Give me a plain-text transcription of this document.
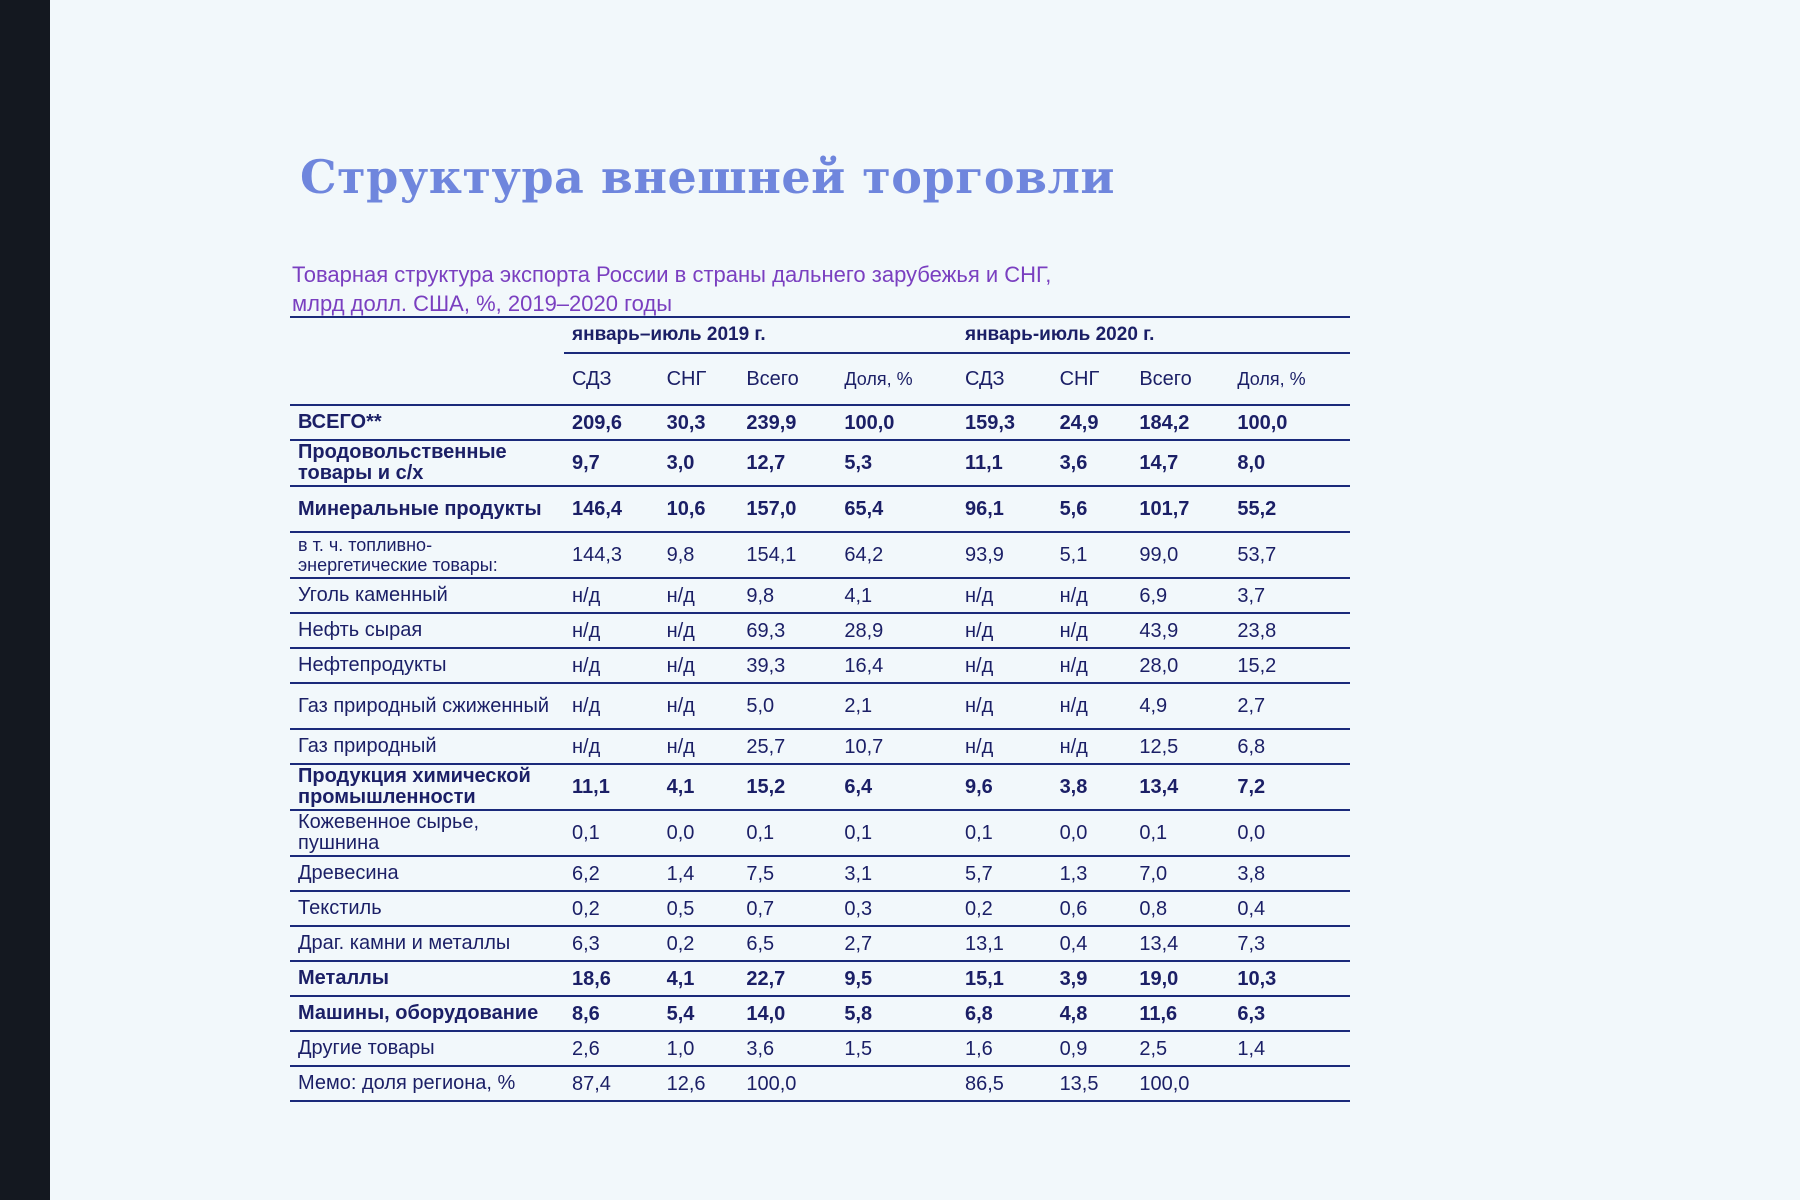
Структура внешней торговли
Товарная структура экспорта России в страны дальнего зарубежья и СНГ,
млрд долл. США, %, 2019–2020 годы
	январь–июль 2019 г.				январь-июль 2020 г.			
	СДЗ	СНГ	Всего	Доля, %	СДЗ	СНГ	Всего	Доля, %
ВСЕГО**	209,6	30,3	239,9	100,0	159,3	24,9	184,2	100,0
Продовольственные товары и с/х	9,7	3,0	12,7	5,3	11,1	3,6	14,7	8,0
Минеральные продукты	146,4	10,6	157,0	65,4	96,1	5,6	101,7	55,2
в т. ч. топливно-энергетические товары:	144,3	9,8	154,1	64,2	93,9	5,1	99,0	53,7
Уголь каменный	н/д	н/д	9,8	4,1	н/д	н/д	6,9	3,7
Нефть сырая	н/д	н/д	69,3	28,9	н/д	н/д	43,9	23,8
Нефтепродукты	н/д	н/д	39,3	16,4	н/д	н/д	28,0	15,2
Газ природный сжиженный	н/д	н/д	5,0	2,1	н/д	н/д	4,9	2,7
Газ природный	н/д	н/д	25,7	10,7	н/д	н/д	12,5	6,8
Продукция химической промышленности	11,1	4,1	15,2	6,4	9,6	3,8	13,4	7,2
Кожевенное сырье, пушнина	0,1	0,0	0,1	0,1	0,1	0,0	0,1	0,0
Древесина	6,2	1,4	7,5	3,1	5,7	1,3	7,0	3,8
Текстиль	0,2	0,5	0,7	0,3	0,2	0,6	0,8	0,4
Драг. камни и металлы	6,3	0,2	6,5	2,7	13,1	0,4	13,4	7,3
Металлы	18,6	4,1	22,7	9,5	15,1	3,9	19,0	10,3
Машины, оборудование	8,6	5,4	14,0	5,8	6,8	4,8	11,6	6,3
Другие товары	2,6	1,0	3,6	1,5	1,6	0,9	2,5	1,4
Мемо: доля региона, %	87,4	12,6	100,0		86,5	13,5	100,0	
